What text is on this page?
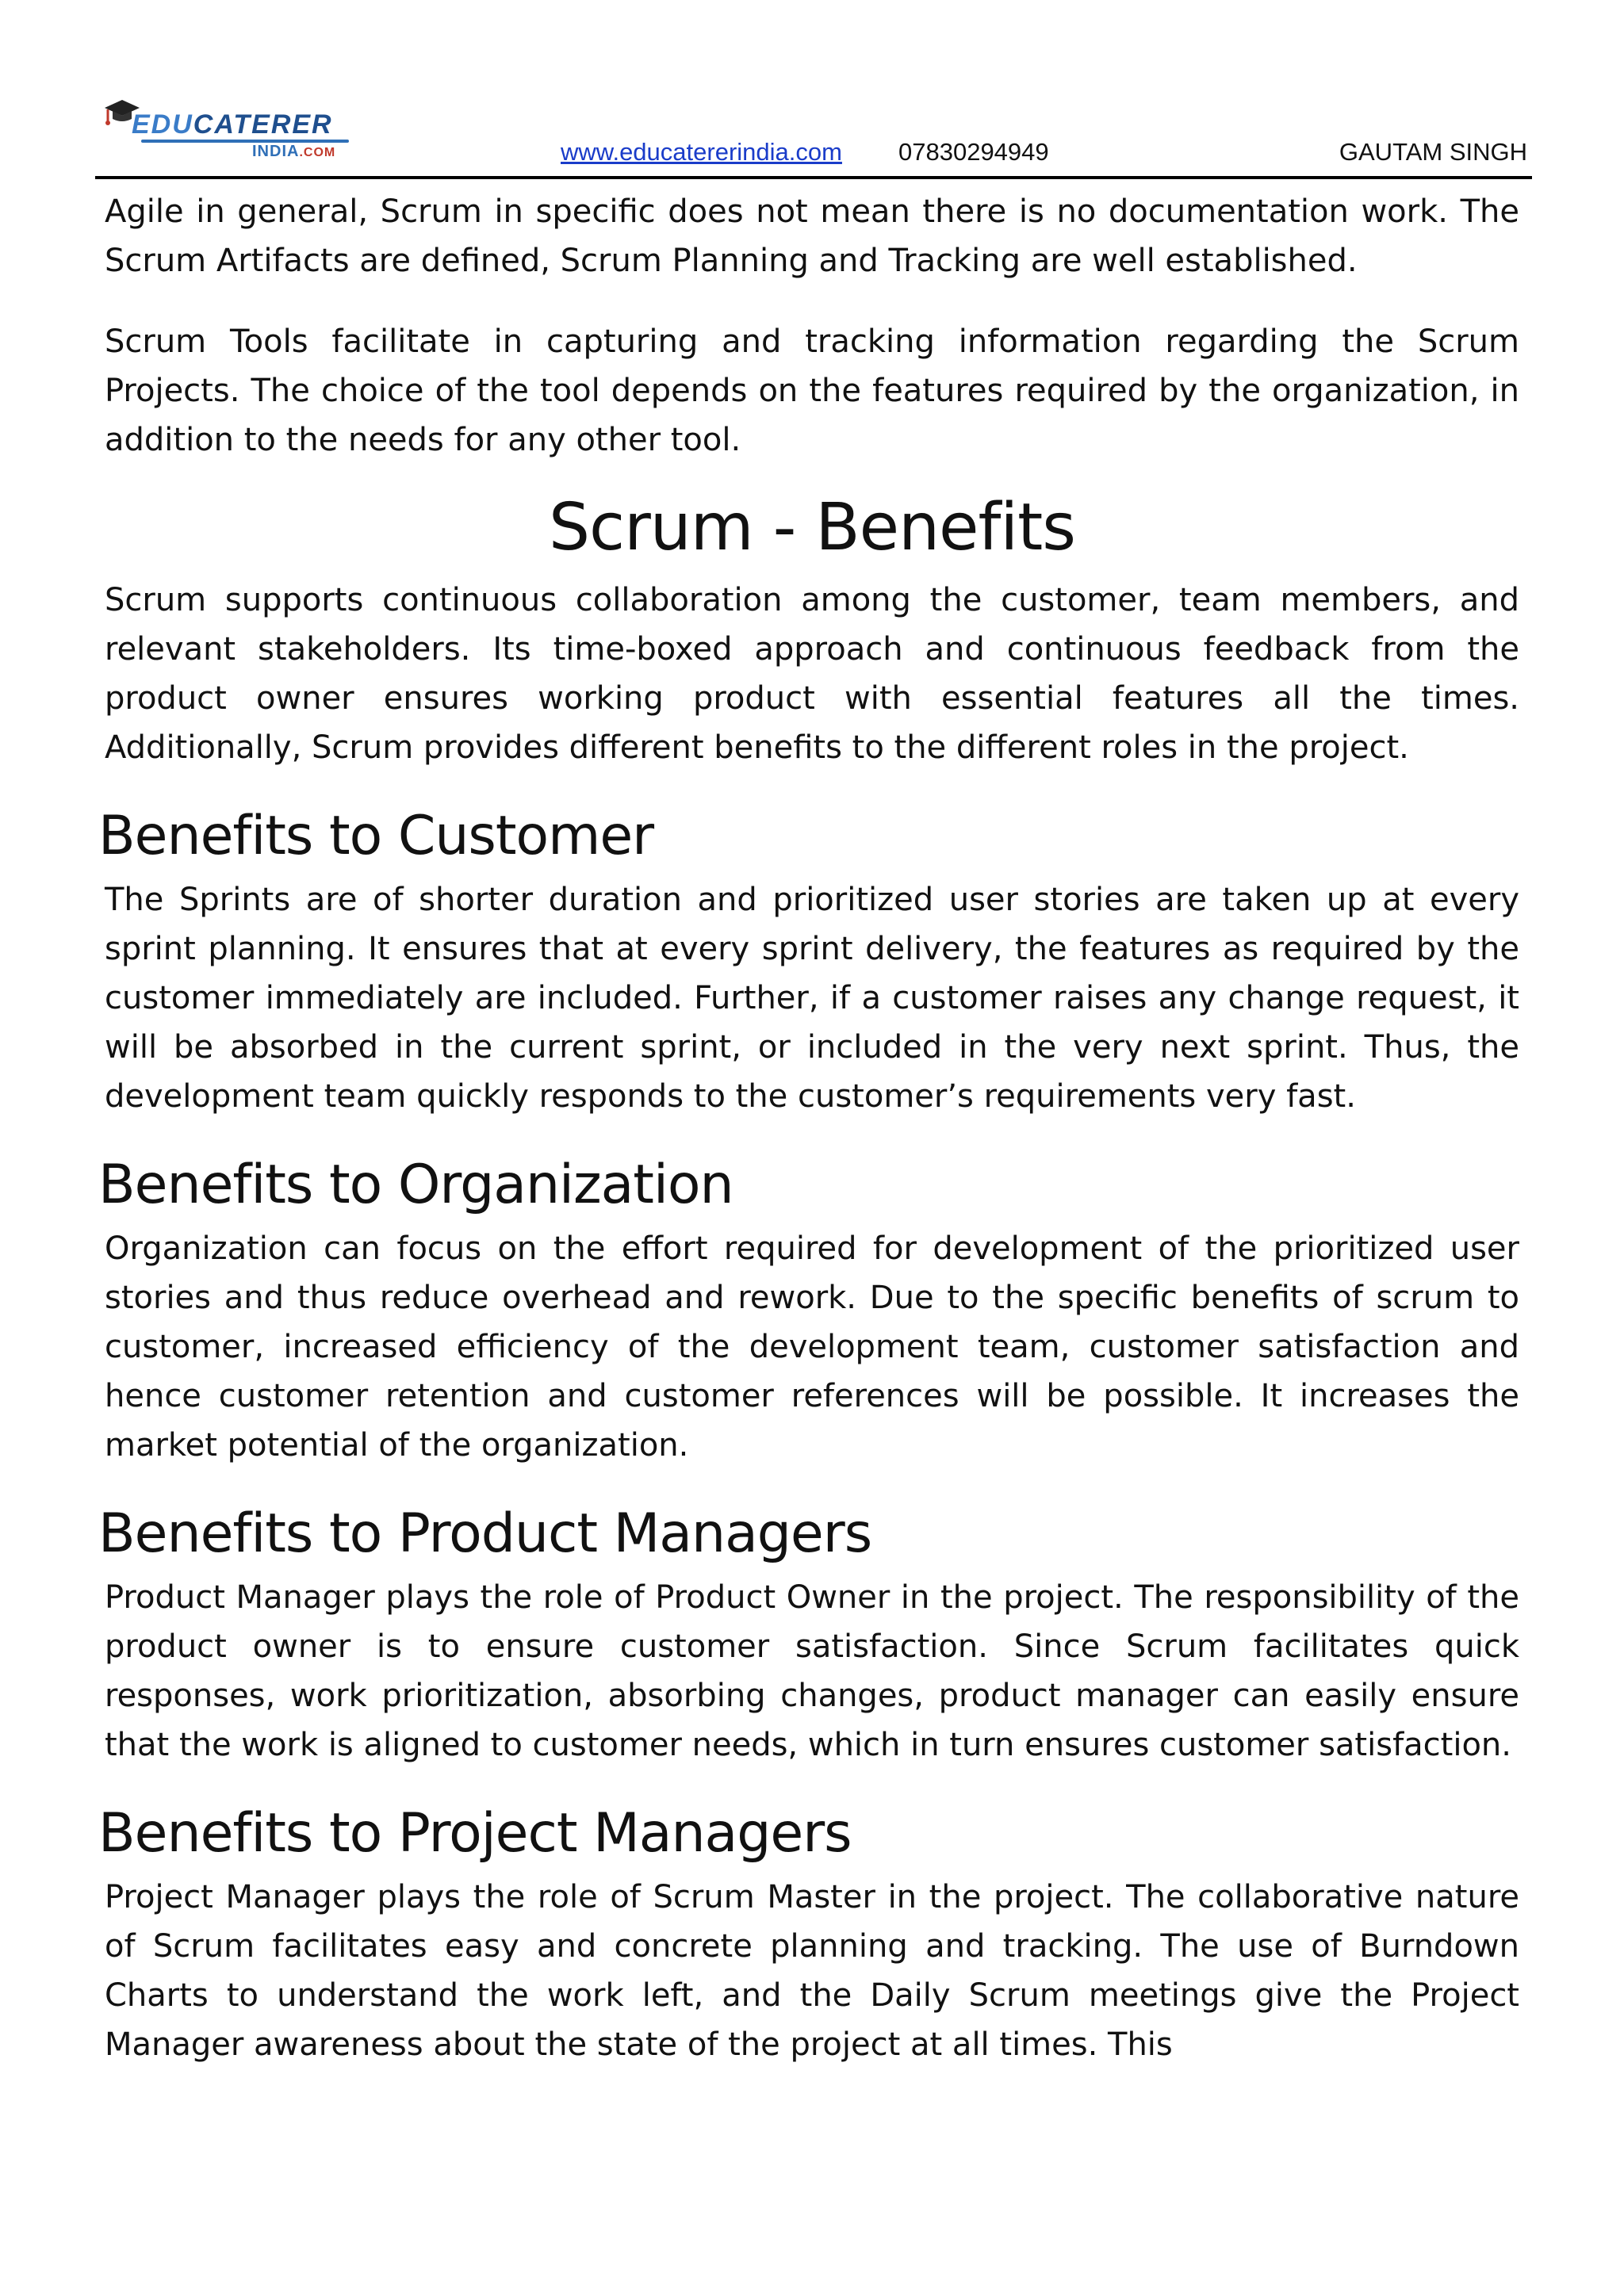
EDUCATERER
INDIA.COM	www.educatererindia.com 07830294949	GAUTAM SINGH

Agile in general, Scrum in specific does not mean there is no documentation work. The Scrum Artifacts are defined, Scrum Planning and Tracking are well established.

Scrum Tools facilitate in capturing and tracking information regarding the Scrum Projects. The choice of the tool depends on the features required by the organization, in addition to the needs for any other tool.

Scrum - Benefits

Scrum supports continuous collaboration among the customer, team members, and relevant stakeholders. Its time-boxed approach and continuous feedback from the product owner ensures working product with essential features all the times. Additionally, Scrum provides different benefits to the different roles in the project.

Benefits to Customer

The Sprints are of shorter duration and prioritized user stories are taken up at every sprint planning. It ensures that at every sprint delivery, the features as required by the customer immediately are included. Further, if a customer raises any change request, it will be absorbed in the current sprint, or included in the very next sprint. Thus, the development team quickly responds to the customer’s requirements very fast.

Benefits to Organization

Organization can focus on the effort required for development of the prioritized user stories and thus reduce overhead and rework. Due to the specific benefits of scrum to customer, increased efficiency of the development team, customer satisfaction and hence customer retention and customer references will be possible. It increases the market potential of the organization.

Benefits to Product Managers

Product Manager plays the role of Product Owner in the project. The responsibility of the product owner is to ensure customer satisfaction. Since Scrum facilitates quick responses, work prioritization, absorbing changes, product manager can easily ensure that the work is aligned to customer needs, which in turn ensures customer satisfaction.

Benefits to Project Managers

Project Manager plays the role of Scrum Master in the project. The collaborative nature of Scrum facilitates easy and concrete planning and tracking. The use of Burndown Charts to understand the work left, and the Daily Scrum meetings give the Project Manager awareness about the state of the project at all times. This
